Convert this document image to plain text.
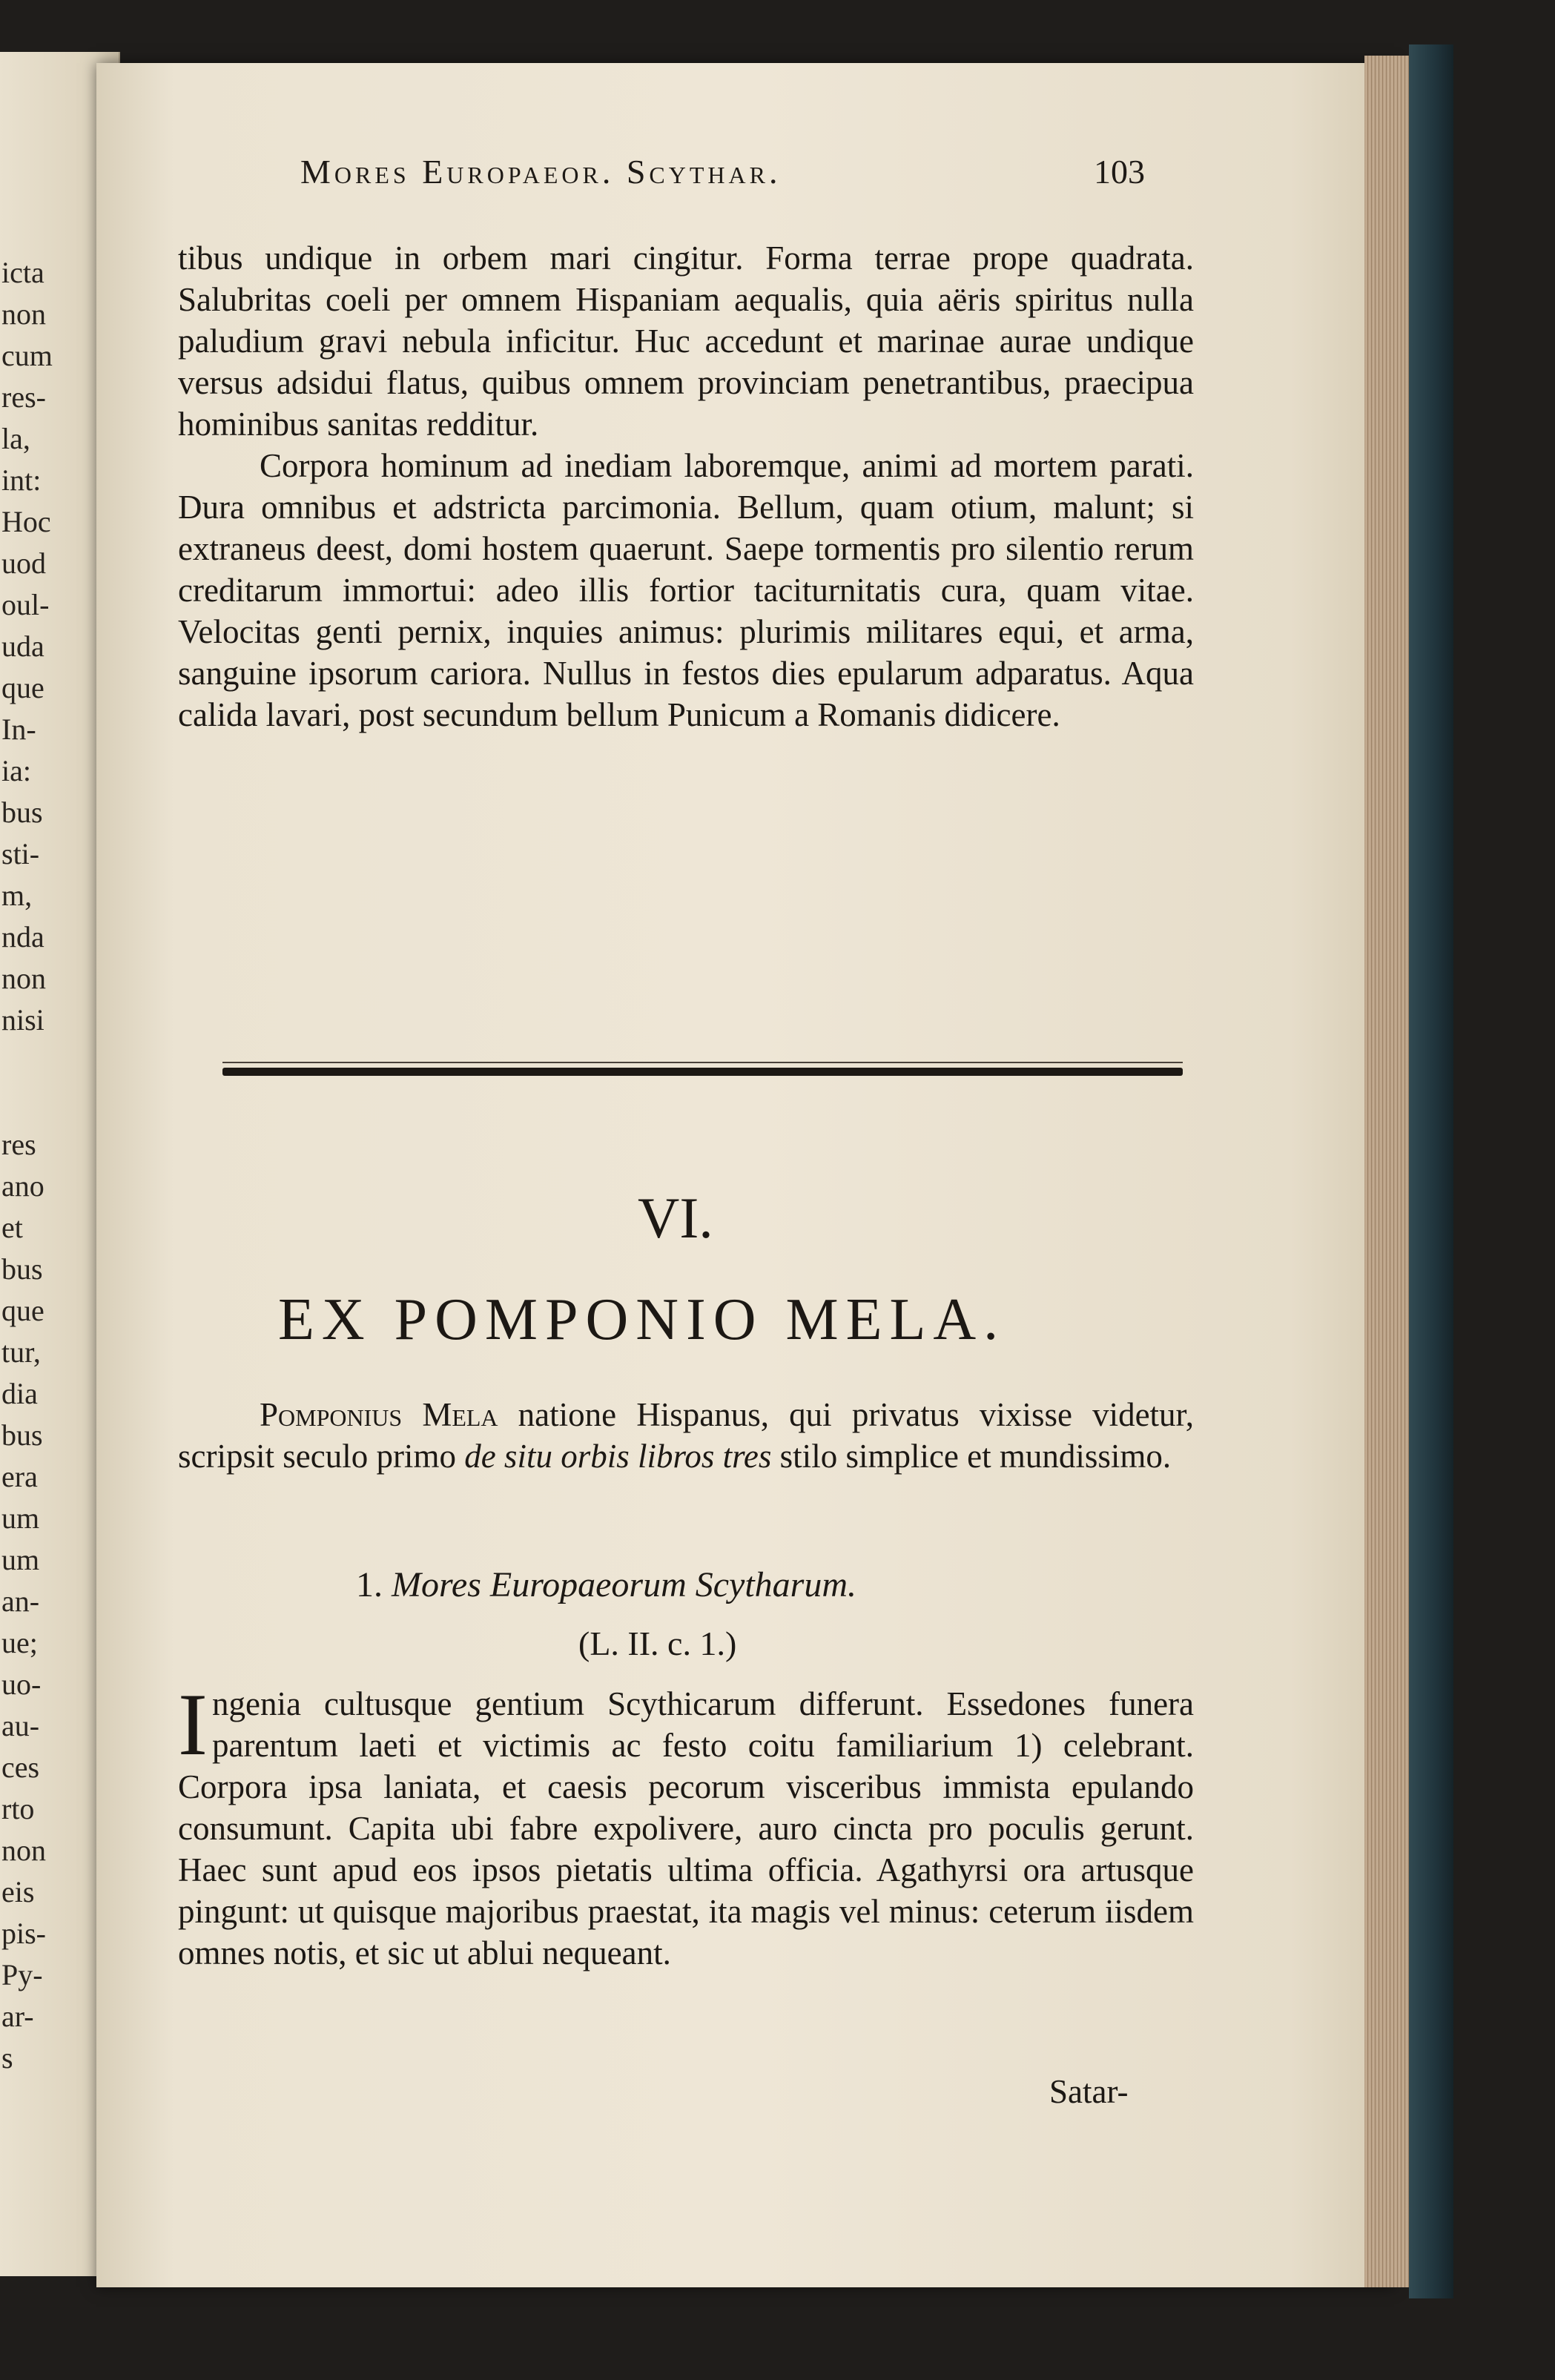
icta
non
cum
res-
la,
int:
Hoc
uod
oul-
uda
que
In-
ia:
bus
sti-
m,
nda
non
nisi
res
ano
et
bus
que
tur,
dia
bus
era
um
um
an-
ue;
uo-
au-
ces
rto
non
eis
pis-
Py-
ar-
s
Mores Europaeor. Scythar.	103

tibus undique in orbem mari cingitur. Forma terrae prope quadrata. Salubritas coeli per omnem Hispaniam aequalis, quia aëris spiritus nulla paludium gravi nebula inficitur. Huc accedunt et marinae aurae undique versus adsidui flatus, quibus omnem provinciam penetrantibus, praecipua hominibus sanitas redditur.

Corpora hominum ad inediam laboremque, animi ad mortem parati. Dura omnibus et adstricta parcimonia. Bellum, quam otium, malunt; si extraneus deest, domi hostem quaerunt. Saepe tormentis pro silentio rerum creditarum immortui: adeo illis fortior taciturnitatis cura, quam vitae. Velocitas genti pernix, inquies animus: plurimis militares equi, et arma, sanguine ipsorum cariora. Nullus in festos dies epularum adparatus. Aqua calida lavari, post secundum bellum Punicum a Romanis didicere.

VI.
EX POMPONIO MELA.

Pomponius Mela natione Hispanus, qui privatus vixisse videtur, scripsit seculo primo de situ orbis libros tres stilo simplice et mundissimo.

1. Mores Europaeorum Scytharum.
(L. II. c. 1.)

Ingenia cultusque gentium Scythicarum differunt. Essedones funera parentum laeti et victimis ac festo coitu familiarium 1) celebrant. Corpora ipsa laniata, et caesis pecorum visceribus immista epulando consumunt. Capita ubi fabre expolivere, auro cincta pro poculis gerunt. Haec sunt apud eos ipsos pietatis ultima officia. Agathyrsi ora artusque pingunt: ut quisque majoribus praestat, ita magis vel minus: ceterum iisdem omnes notis, et sic ut ablui nequeant.

Satar-
